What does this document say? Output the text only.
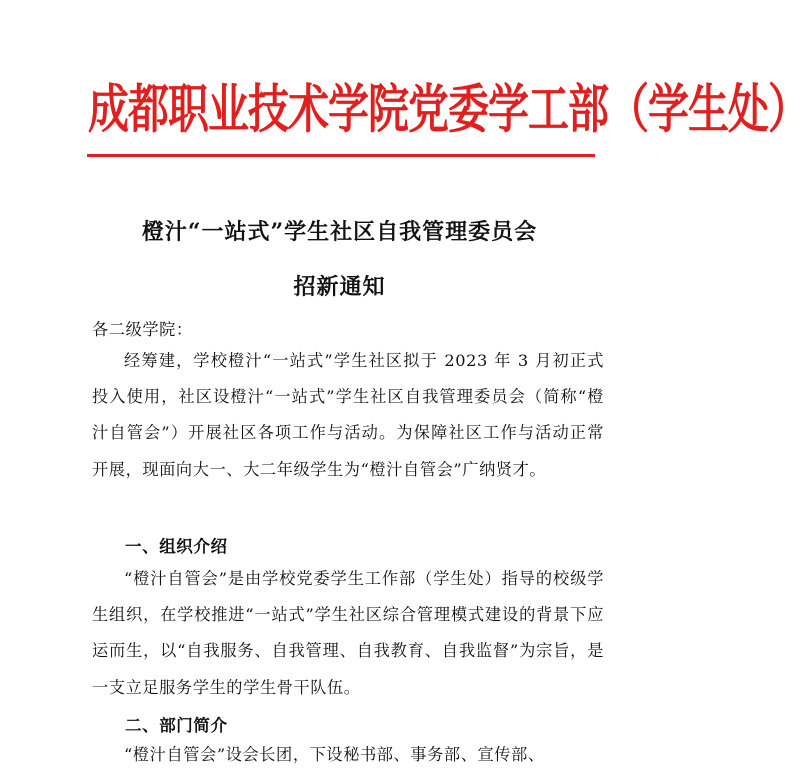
成都职业技术学院党委学工部（学生处）
橙汁“一站式”学生社区自我管理委员会
招新通知
各二级学院：
经筹建，学校橙汁“一站式”学生社区拟于 2023 年 3 月初正式投入使用，社区设橙汁“一站式”学生社区自我管理委员会（简称“橙汁自管会”）开展社区各项工作与活动。为保障社区工作与活动正常开展，现面向大一、大二年级学生为“橙汁自管会”广纳贤才。
一、组织介绍
“橙汁自管会”是由学校党委学生工作部（学生处）指导的校级学生组织，在学校推进“一站式”学生社区综合管理模式建设的背景下应运而生，以“自我服务、自我管理、自我教育、自我监督”为宗旨，是一支立足服务学生的学生骨干队伍。
二、部门简介
“橙汁自管会”设会长团，下设秘书部、事务部、宣传部、
